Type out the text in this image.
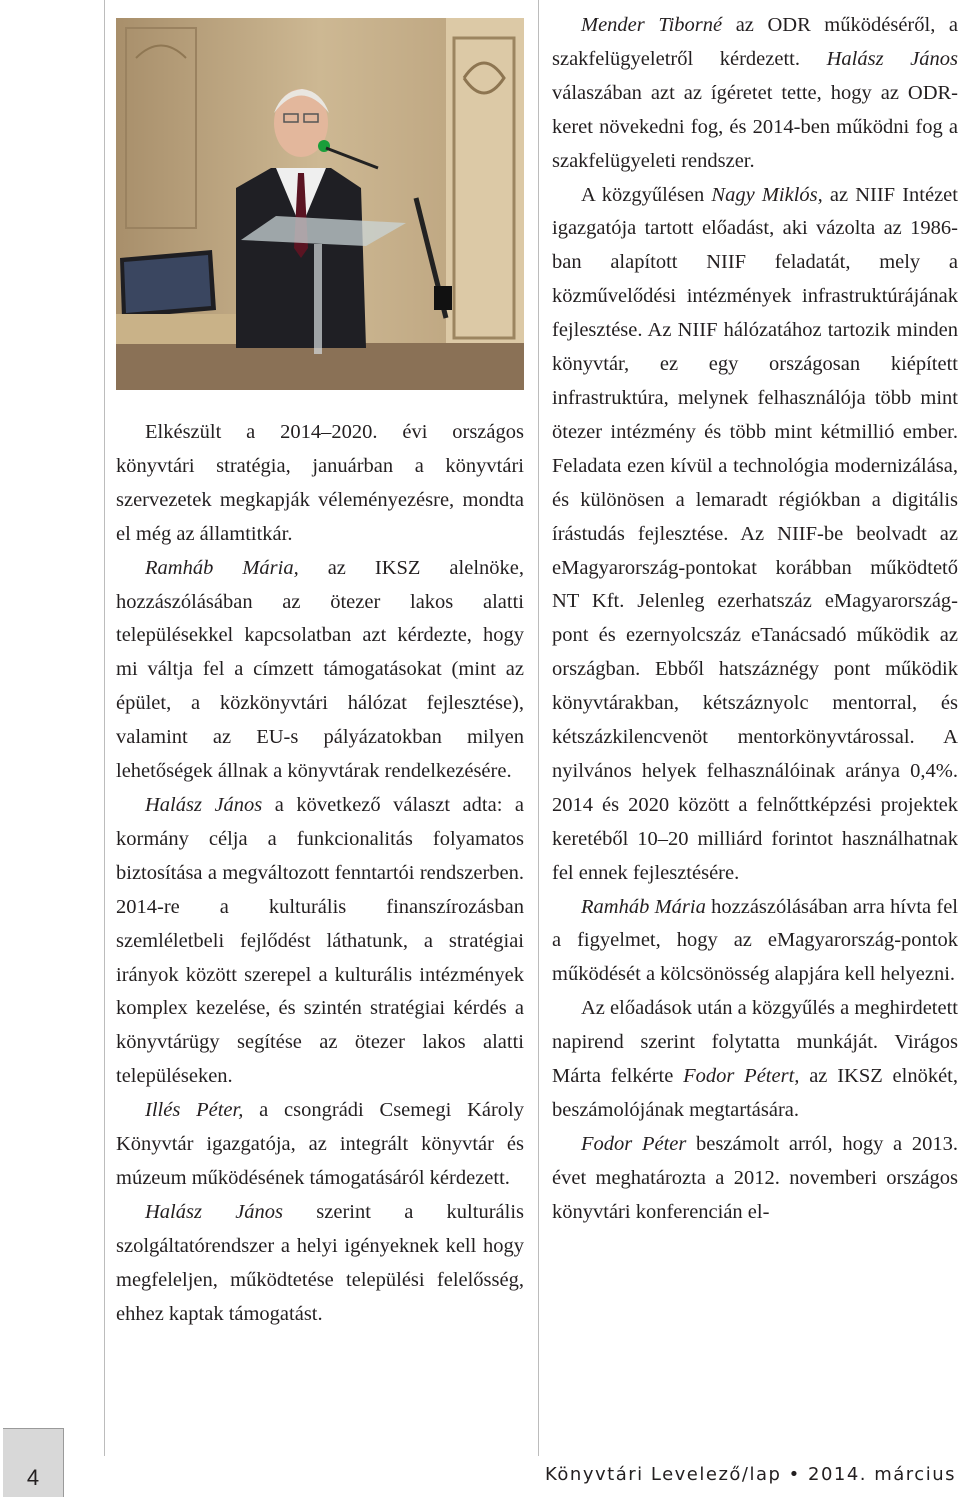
Elkészült a 2014–2020. évi országos könyvtári stratégia, januárban a könyvtári szervezetek megkapják véleményezésre, mondta el még az államtitkár.

Ramháb Mária, az IKSZ alelnöke, hozzászólásában az ötezer lakos alatti településekkel kapcsolatban azt kérdezte, hogy mi váltja fel a címzett támogatásokat (mint az épület, a közkönyvtári hálózat fejlesztése), valamint az EU-s pályázatokban milyen lehetőségek állnak a könyvtárak rendelkezésére.

Halász János a következő választ adta: a kormány célja a funkcionalitás folyamatos biztosítása a megváltozott fenntartói rendszerben. 2014-re a kulturális finanszírozásban szemléletbeli fejlődést láthatunk, a stratégiai irányok között szerepel a kulturális intézmények komplex kezelése, és szintén stratégiai kérdés a könyvtárügy segítése az ötezer lakos alatti településeken.

Illés Péter, a csongrádi Csemegi Károly Könyvtár igazgatója, az integrált könyvtár és múzeum működésének támogatásáról kérdezett.

Halász János szerint a kulturális szolgáltatórendszer a helyi igényeknek kell hogy megfeleljen, működtetése települési felelősség, ehhez kaptak támogatást.

Mender Tiborné az ODR működéséről, a szakfelügyeletről kérdezett. Halász János válaszában azt az ígéretet tette, hogy az ODR-keret növekedni fog, és 2014-ben működni fog a szakfelügyeleti rendszer.

A közgyűlésen Nagy Miklós, az NIIF Intézet igazgatója tartott előadást, aki vázolta az 1986-ban alapított NIIF feladatát, mely a közművelődési intézmények infrastruktúrájának fejlesztése. Az NIIF hálózatához tartozik minden könyvtár, ez egy országosan kiépített infrastruktúra, melynek felhasználója több mint ötezer intézmény és több mint kétmillió ember. Feladata ezen kívül a technológia modernizálása, és különösen a lemaradt régiókban a digitális írástudás fejlesztése. Az NIIF-be beolvadt az eMagyarország-pontokat korábban működtető NT Kft. Jelenleg ezerhatszáz eMagyarország-pont és ezernyolcszáz eTanácsadó működik az országban. Ebből hatszáznégy pont működik könyvtárakban, kétszáznyolc mentorral, és kétszázkilencvenöt mentorkönyvtárossal. A nyilvános helyek felhasználóinak aránya 0,4%. 2014 és 2020 között a felnőttképzési projektek keretéből 10–20 milliárd forintot használhatnak fel ennek fejlesztésére.

Ramháb Mária hozzászólásában arra hívta fel a figyelmet, hogy az eMagyarország-pontok működését a kölcsönösség alapjára kell helyezni.

Az előadások után a közgyűlés a meghirdetett napirend szerint folytatta munkáját. Virágos Márta felkérte Fodor Pétert, az IKSZ elnökét, beszámolójának megtartására.

Fodor Péter beszámolt arról, hogy a 2013. évet meghatározta a 2012. novemberi országos könyvtári konferencián el-

4	Könyvtári Levelező/lap • 2014. március
